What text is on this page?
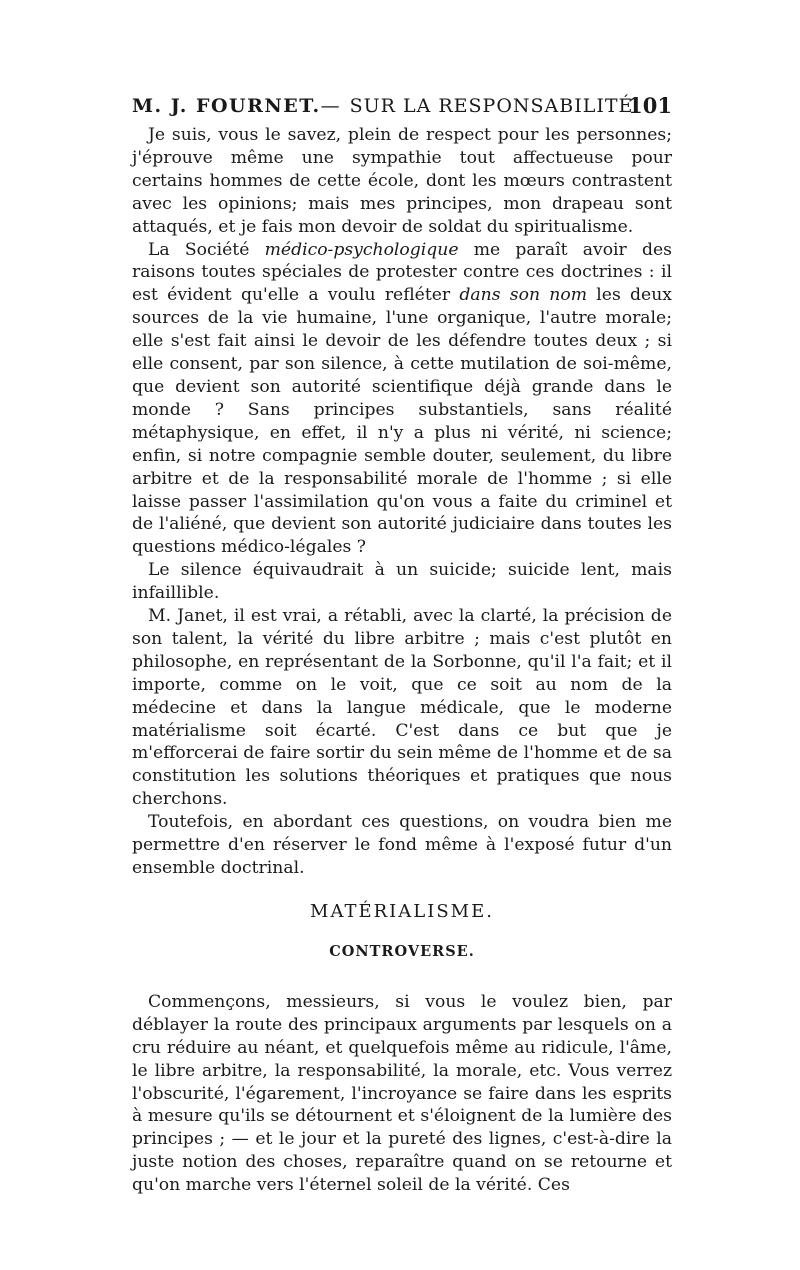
M. J. FOURNET.— SUR LA RESPONSABILITÉ.
101

Je suis, vous le savez, plein de respect pour les personnes; j'éprouve même une sympathie tout affectueuse pour certains hommes de cette école, dont les mœurs contrastent avec les opinions; mais mes principes, mon drapeau sont attaqués, et je fais mon devoir de soldat du spiritualisme.

La Société médico-psychologique me paraît avoir des raisons toutes spéciales de protester contre ces doctrines : il est évident qu'elle a voulu refléter dans son nom les deux sources de la vie humaine, l'une organique, l'autre morale; elle s'est fait ainsi le devoir de les défendre toutes deux ; si elle consent, par son silence, à cette mutilation de soi-même, que devient son autorité scientifique déjà grande dans le monde ? Sans principes substantiels, sans réalité métaphysique, en effet, il n'y a plus ni vérité, ni science; enfin, si notre compagnie semble douter, seulement, du libre arbitre et de la responsabilité morale de l'homme ; si elle laisse passer l'assimilation qu'on vous a faite du criminel et de l'aliéné, que devient son autorité judiciaire dans toutes les questions médico-légales ?

Le silence équivaudrait à un suicide; suicide lent, mais infaillible.

M. Janet, il est vrai, a rétabli, avec la clarté, la précision de son talent, la vérité du libre arbitre ; mais c'est plutôt en philosophe, en représentant de la Sorbonne, qu'il l'a fait; et il importe, comme on le voit, que ce soit au nom de la médecine et dans la langue médicale, que le moderne matérialisme soit écarté. C'est dans ce but que je m'efforcerai de faire sortir du sein même de l'homme et de sa constitution les solutions théoriques et pratiques que nous cherchons.

Toutefois, en abordant ces questions, on voudra bien me permettre d'en réserver le fond même à l'exposé futur d'un ensemble doctrinal.

MATÉRIALISME.
CONTROVERSE.

Commençons, messieurs, si vous le voulez bien, par déblayer la route des principaux arguments par lesquels on a cru réduire au néant, et quelquefois même au ridicule, l'âme, le libre arbitre, la responsabilité, la morale, etc. Vous verrez l'obscurité, l'égarement, l'incroyance se faire dans les esprits à mesure qu'ils se détournent et s'éloignent de la lumière des principes ; — et le jour et la pureté des lignes, c'est-à-dire la juste notion des choses, reparaître quand on se retourne et qu'on marche vers l'éternel soleil de la vérité. Ces
